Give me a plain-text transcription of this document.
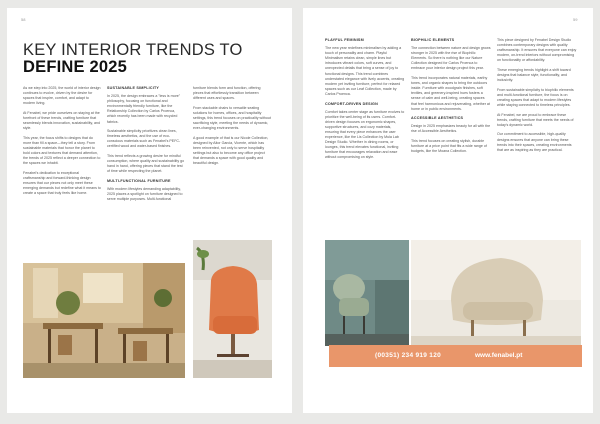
58
KEY INTERIOR TRENDS TO
DEFINE 2025

As we step into 2025, the world of interior design continues to evolve, driven by the desire for spaces that inspire, comfort, and adapt to modern living.

At Fenabel, we pride ourselves on staying at the forefront of these trends, crafting furniture that seamlessly blends innovation, sustainability, and style.

This year, the focus shifts to designs that do more than fill a space—they tell a story. From sustainable materials that honor the planet to bold colors and textures that demand attention, the trends of 2025 reflect a deeper connection to the spaces we inhabit.

Fenabel's dedication to exceptional craftsmanship and forward-thinking design ensures that our pieces not only meet these emerging demands but redefine what it means to create a space that truly feels like home.

SUSTAINABLE SIMPLICITY

In 2025, the design embraces a "less is more" philosophy, focusing on functional and environmentally friendly furniture, like the Relationship Collection by Carlos Proenca, which recently has been made with recycled fabrics.

Sustainable simplicity prioritizes clean lines, timeless aesthetics, and the use of eco-conscious materials such as Fenabel's PEFC-certified wood and water-based finishes.

This trend reflects a growing desire for mindful consumption, where quality and sustainability go hand in hand, offering pieces that stand the test of time while respecting the planet.

MULTI-FUNCTIONAL FURNITURE

With modern lifestyles demanding adaptability, 2025 places a spotlight on furniture designed to serve multiple purposes. Multi-functional

furniture blends form and function, offering pieces that effortlessly transition between different uses and spaces.

From stackable chairs to versatile seating solutions for homes, offices, and hospitality settings, this trend focuses on practicality without sacrificing style, meeting the needs of dynamic, ever-changing environments.

A good example of that is our Nicole Collection, designed by Aitor Garcia, Vicente, which has been reinvented, not only to serve hospitality settings but also to become any office project that demands a space with good quality and beautiful design.

59
PLAYFUL FEMINISM

The new year redefines minimalism by adding a touch of personality and charm. Playful Minimalism retains clean, simple lines but introduces vibrant colors, soft curves, and unexpected details that bring a sense of joy to functional designs. This trend combines understated elegance with lively accents, creating modern yet inviting furniture, perfect for relaxed spaces such as our Leaf Collection, made by Carlos Proenca.

COMFORT-DRIVEN DESIGN

Comfort takes center stage as furniture evolves to prioritize the well-being of its users. Comfort-driven design focuses on ergonomic shapes, supportive structures, and cozy materials, ensuring that every piece enhances the user experience, like the Lis Collection by Mula Lab Design Studio. Whether in dining rooms, or lounges, this trend elevates functional, inviting furniture that encourages relaxation and ease without compromising on style.

BIOPHILIC ELEMENTS

The connection between nature and design grows stronger in 2025 with the rise of Biophilic Elements. So there is nothing like our Nature Collection designed for Carlos Proenca to embrace your interior design project this year.

This trend incorporates natural materials, earthy tones, and organic shapes to bring the outdoors inside. Furniture with woodgrain finishes, soft textiles, and greenery-inspired hues fosters a sense of calm and well-being, creating spaces that feel harmonious and rejuvenating, whether at home or in public environments.

ACCESSIBLE AESTHETICS

Design in 2025 emphasizes beauty for all with the rise of Accessible Aesthetics.

This trend focuses on creating stylish, durable furniture at a price point that fits a wide range of budgets, like the Moana Collection.

This piece designed by Fenabel Design Studio combines contemporary designs with quality craftsmanship. It ensures that everyone can enjoy modern, on-trend interiors without compromising on functionality or affordability.

These emerging trends highlight a shift toward designs that balance style, functionality, and inclusivity.

From sustainable simplicity to biophilic elements and multi-functional furniture, the focus is on creating spaces that adapt to modern lifestyles while staying connected to timeless principles.

At Fenabel, we are proud to embrace these trends, crafting furniture that meets the needs of today's dynamic world.

Our commitment to accessible, high-quality designs ensures that anyone can bring these trends into their spaces, creating environments that are as inspiring as they are practical.

(00351) 234 919 120	www.fenabel.pt
